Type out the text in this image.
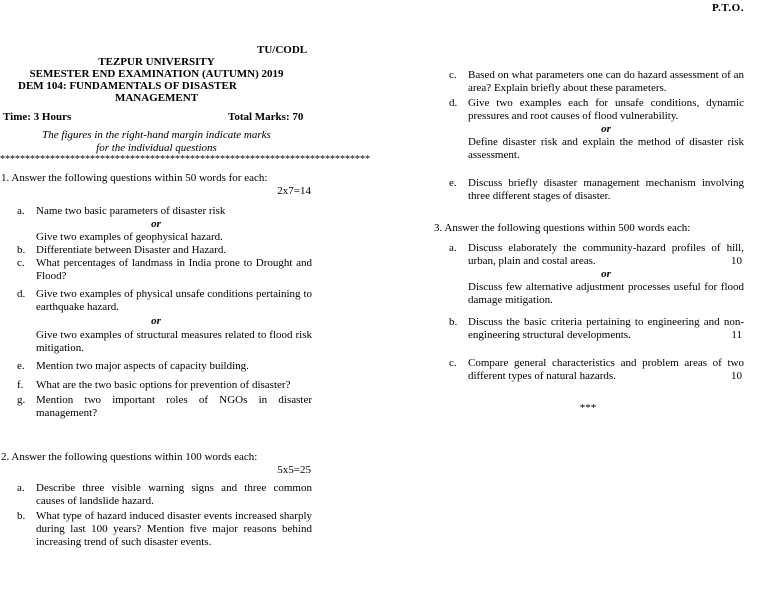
P.T.O.
TU/CODL
TEZPUR UNIVERSITY
SEMESTER END EXAMINATION (AUTUMN) 2019
DEM 104: FUNDAMENTALS OF DISASTER
MANAGEMENT
Time: 3 Hours	Total Marks: 70
The figures in the right-hand margin indicate marks
for the individual questions
**************************************************************************
1. Answer the following questions within 50 words for each:
2x7=14
a. Name two basic parameters of disaster risk
or
Give two examples of geophysical hazard.
b. Differentiate between Disaster and Hazard.
c. What percentages of landmass in India prone to Drought and Flood?
d. Give two examples of physical unsafe conditions pertaining to earthquake hazard.
or
Give two examples of structural measures related to flood risk mitigation.
e. Mention two major aspects of capacity building.
f. What are the two basic options for prevention of disaster?
g. Mention two important roles of NGOs in disaster management?
2. Answer the following questions within 100 words each:
5x5=25
a. Describe three visible warning signs and three common causes of landslide hazard.
b. What type of hazard induced disaster events increased sharply during last 100 years? Mention five major reasons behind increasing trend of such disaster events.
c. Based on what parameters one can do hazard assessment of an area? Explain briefly about these parameters.
d. Give two examples each for unsafe conditions, dynamic pressures and root causes of flood vulnerability.
or
Define disaster risk and explain the method of disaster risk assessment.
e. Discuss briefly disaster management mechanism involving three different stages of disaster.
3. Answer the following questions within 500 words each:
a. Discuss elaborately the community-hazard profiles of hill, urban, plain and costal areas.	10
or
Discuss few alternative adjustment processes useful for flood damage mitigation.
b. Discuss the basic criteria pertaining to engineering and non-engineering structural developments.	11
c. Compare general characteristics and problem areas of two different types of natural hazards.	10
***
